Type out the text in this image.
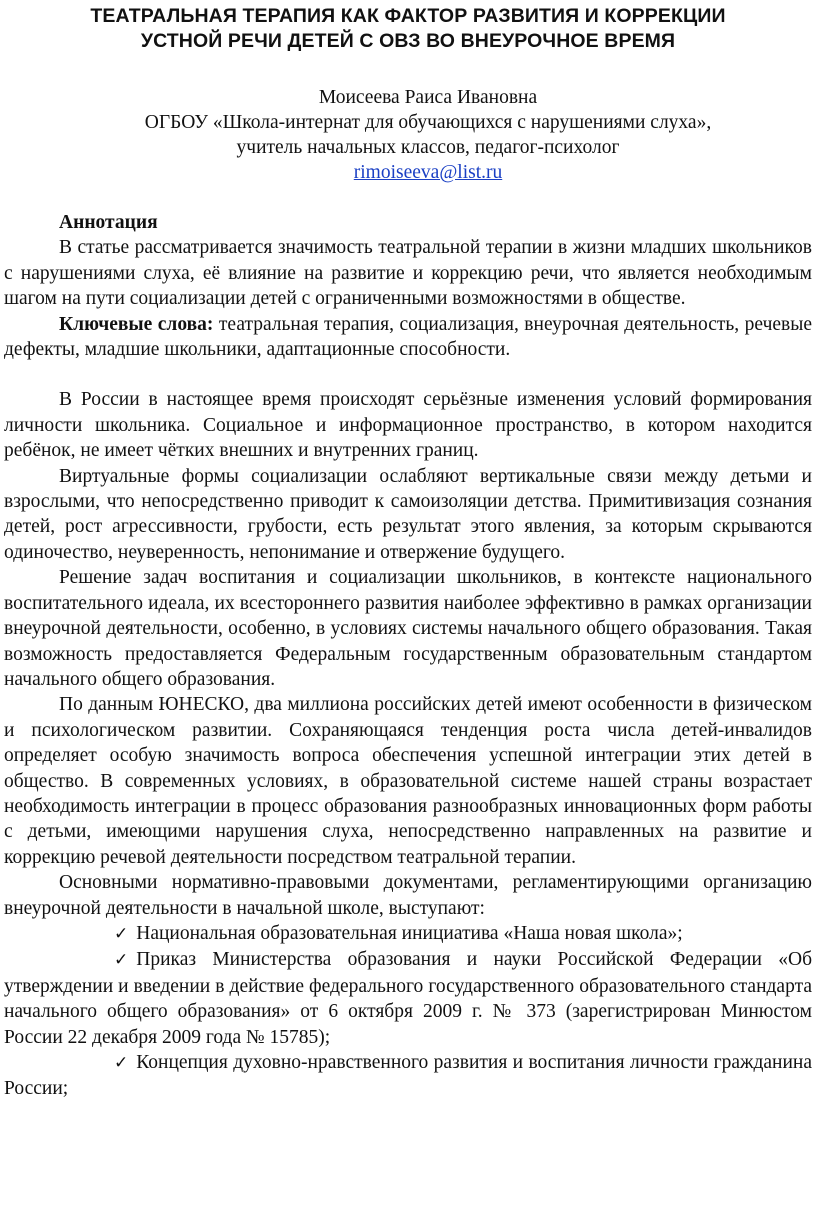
ТЕАТРАЛЬНАЯ ТЕРАПИЯ КАК ФАКТОР РАЗВИТИЯ И КОРРЕКЦИИ
УСТНОЙ РЕЧИ ДЕТЕЙ С ОВЗ ВО ВНЕУРОЧНОЕ ВРЕМЯ
Моисеева Раиса Ивановна
ОГБОУ «Школа-интернат для обучающихся с нарушениями слуха»,
учитель начальных классов, педагог-психолог
rimoiseeva@list.ru
Аннотация

В статье рассматривается значимость театральной терапии в жизни младших школьников с нарушениями слуха, её влияние на развитие и коррекцию речи, что является необходимым шагом на пути социализации детей с ограниченными возможностями в обществе.

Ключевые слова: театральная терапия, социализация, внеурочная деятельность, речевые дефекты, младшие школьники, адаптационные способности.

В России в настоящее время происходят серьёзные изменения условий формирования личности школьника. Социальное и информационное пространство, в котором находится ребёнок, не имеет чётких внешних и внутренних границ.

Виртуальные формы социализации ослабляют вертикальные связи между детьми и взрослыми, что непосредственно приводит к самоизоляции детства. Примитивизация сознания детей, рост агрессивности, грубости, есть результат этого явления, за которым скрываются одиночество, неуверенность, непонимание и отвержение будущего.

Решение задач воспитания и социализации школьников, в контексте национального воспитательного идеала, их всестороннего развития наиболее эффективно в рамках организации внеурочной деятельности, особенно, в условиях системы начального общего образования. Такая возможность предоставляется Федеральным государственным образовательным стандартом начального общего образования.

По данным ЮНЕСКО, два миллиона российских детей имеют особенности в физическом и психологическом развитии. Сохраняющаяся тенденция роста числа детей-инвалидов определяет особую значимость вопроса обеспечения успешной интеграции этих детей в общество. В современных условиях, в образовательной системе нашей страны возрастает необходимость интеграции в процесс образования разнообразных инновационных форм работы с детьми, имеющими нарушения слуха, непосредственно направленных на развитие и коррекцию речевой деятельности посредством театральной терапии.

Основными нормативно-правовыми документами, регламентирующими организацию внеурочной деятельности в начальной школе, выступают:

✓ Национальная образовательная инициатива «Наша новая школа»;

✓ Приказ Министерства образования и науки Российской Федерации «Об утверждении и введении в действие федерального государственного образовательного стандарта начального общего образования» от 6 октября 2009 г. № 373 (зарегистрирован Минюстом России 22 декабря 2009 года № 15785);

✓ Концепция духовно-нравственного развития и воспитания личности гражданина России;
